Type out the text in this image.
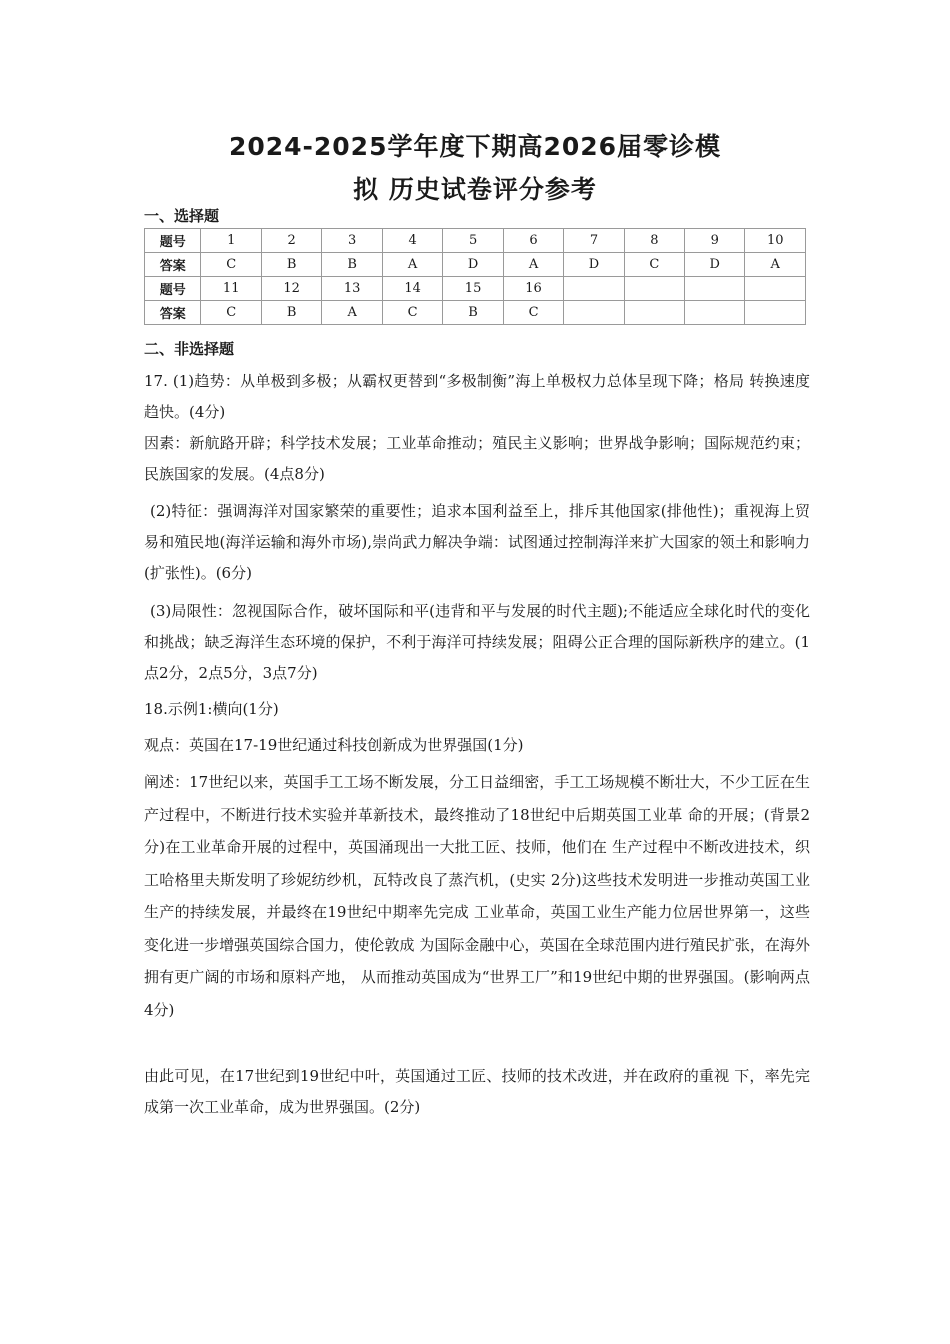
2024-2025学年度下期高2026届零诊模
拟 历史试卷评分参考
一、选择题
题号	1	2	3	4	5	6	7	8	9	10
答案	C	B	B	A	D	A	D	C	D	A
题号	11	12	13	14	15	16				
答案	C	B	A	C	B	C				
二、非选择题
17. (1)趋势：从单极到多极；从霸权更替到“多极制衡”海上单极权力总体呈现下降；格局 转换速度趋快。(4分)
因素：新航路开辟；科学技术发展；工业革命推动；殖民主义影响；世界战争影响；国际规范约束；民族国家的发展。(4点8分)
(2)特征：强调海洋对国家繁荣的重要性；追求本国利益至上，排斥其他国家(排他性)；重视海上贸易和殖民地(海洋运输和海外市场),崇尚武力解决争端：试图通过控制海洋来扩大国家的领土和影响力(扩张性)。(6分)
(3)局限性：忽视国际合作，破坏国际和平(违背和平与发展的时代主题);不能适应全球化时代的变化和挑战；缺乏海洋生态环境的保护，不利于海洋可持续发展；阻碍公正合理的国际新秩序的建立。(1点2分，2点5分，3点7分)
18.示例1:横向(1分)
观点：英国在17-19世纪通过科技创新成为世界强国(1分)
阐述：17世纪以来，英国手工工场不断发展，分工日益细密，手工工场规模不断壮大，不少工匠在生产过程中，不断进行技术实验并革新技术，最终推动了18世纪中后期英国工业革 命的开展；(背景2分)在工业革命开展的过程中，英国涌现出一大批工匠、技师，他们在 生产过程中不断改进技术，织工哈格里夫斯发明了珍妮纺纱机，瓦特改良了蒸汽机，(史实 2分)这些技术发明进一步推动英国工业生产的持续发展，并最终在19世纪中期率先完成 工业革命，英国工业生产能力位居世界第一，这些变化进一步增强英国综合国力，使伦敦成 为国际金融中心，英国在全球范围内进行殖民扩张，在海外拥有更广阔的市场和原料产地， 从而推动英国成为“世界工厂”和19世纪中期的世界强国。(影响两点4分)
由此可见，在17世纪到19世纪中叶，英国通过工匠、技师的技术改进，并在政府的重视 下，率先完成第一次工业革命，成为世界强国。(2分)
